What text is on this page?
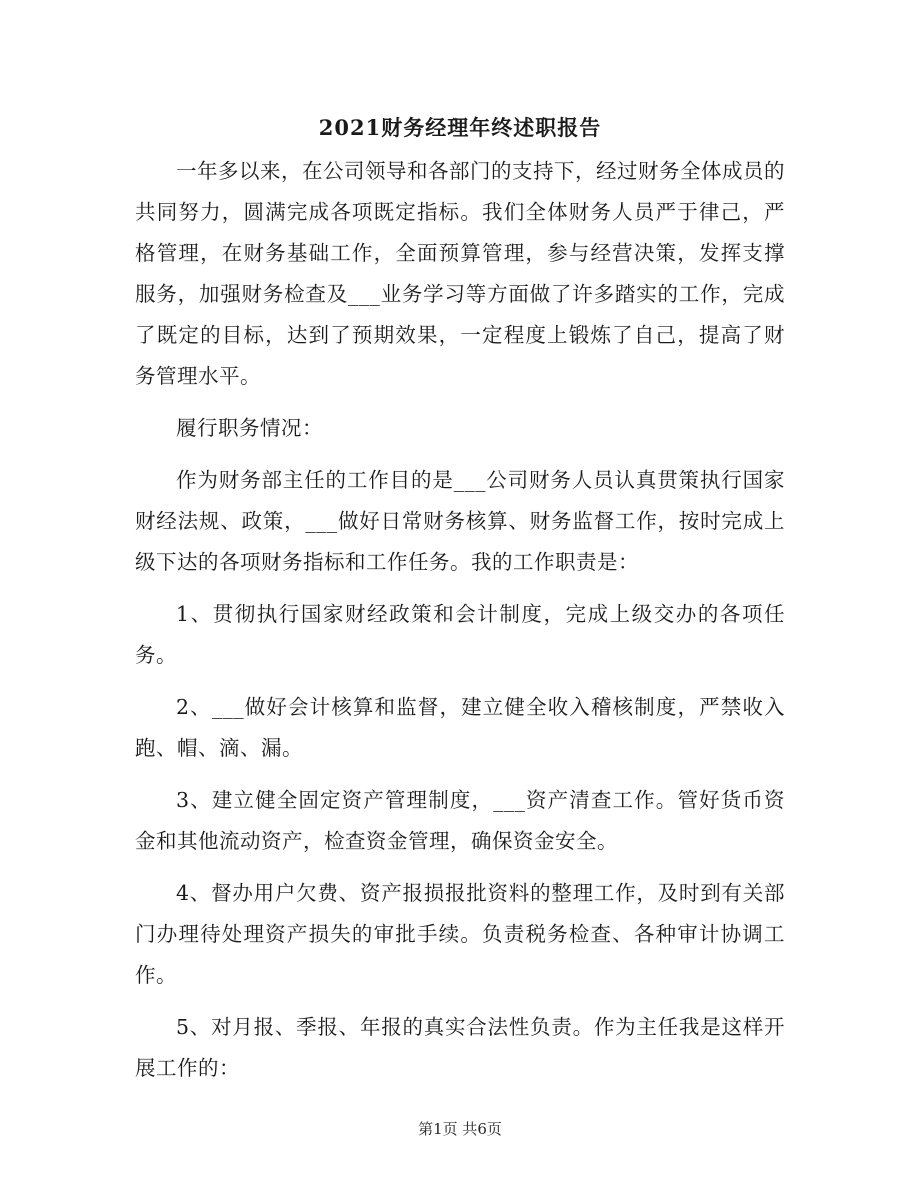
2021财务经理年终述职报告

一年多以来，在公司领导和各部门的支持下，经过财务全体成员的共同努力，圆满完成各项既定指标。我们全体财务人员严于律己，严格管理，在财务基础工作，全面预算管理，参与经营决策，发挥支撑服务，加强财务检查及___业务学习等方面做了许多踏实的工作，完成了既定的目标，达到了预期效果，一定程度上锻炼了自己，提高了财务管理水平。

履行职务情况：

作为财务部主任的工作目的是___公司财务人员认真贯策执行国家财经法规、政策，___做好日常财务核算、财务监督工作，按时完成上级下达的各项财务指标和工作任务。我的工作职责是：

1、贯彻执行国家财经政策和会计制度，完成上级交办的各项任务。

2、___做好会计核算和监督，建立健全收入稽核制度，严禁收入跑、帽、滴、漏。

3、建立健全固定资产管理制度，___资产清查工作。管好货币资金和其他流动资产，检查资金管理，确保资金安全。

4、督办用户欠费、资产报损报批资料的整理工作，及时到有关部门办理待处理资产损失的审批手续。负责税务检查、各种审计协调工作。

5、对月报、季报、年报的真实合法性负责。作为主任我是这样开展工作的：

第1页 共6页
